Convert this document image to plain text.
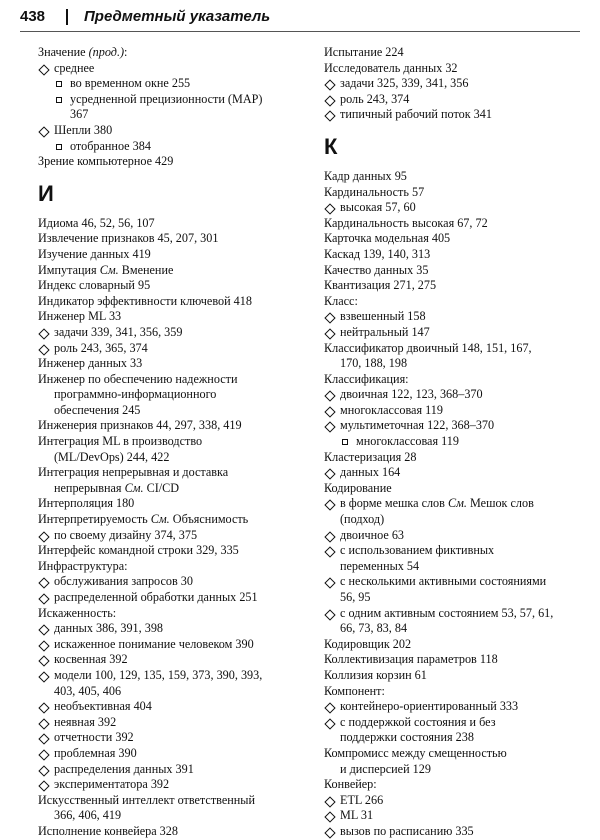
438	Предметный указатель
Значение (прод.):
среднее
во временном окне 255
усредненной прецизионности (MAP)
367
Шепли 380
отобранное 384
Зрение компьютерное 429
И
Идиома 46, 52, 56, 107
Извлечение признаков 45, 207, 301
Изучение данных 419
Импутация См. Вменение
Индекс словарный 95
Индикатор эффективности ключевой 418
Инженер ML 33
задачи 339, 341, 356, 359
роль 243, 365, 374
Инженер данных 33
Инженер по обеспечению надежности
программно-информационного
обеспечения 245
Инженерия признаков 44, 297, 338, 419
Интеграция ML в производство
(ML/DevOps) 244, 422
Интеграция непрерывная и доставка
непрерывная См. CI/CD
Интерполяция 180
Интерпретируемость См. Объяснимость
по своему дизайну 374, 375
Интерфейс командной строки 329, 335
Инфраструктура:
обслуживания запросов 30
распределенной обработки данных 251
Искаженность:
данных 386, 391, 398
искаженное понимание человеком 390
косвенная 392
модели 100, 129, 135, 159, 373, 390, 393,
403, 405, 406
необъективная 404
неявная 392
отчетности 392
проблемная 390
распределения данных 391
экспериментатора 392
Искусственный интеллект ответственный
366, 406, 419
Исполнение конвейера 328
Испытание 224
Исследователь данных 32
задачи 325, 339, 341, 356
роль 243, 374
типичный рабочий поток 341
К
Кадр данных 95
Кардинальность 57
высокая 57, 60
Кардинальность высокая 67, 72
Карточка модельная 405
Каскад 139, 140, 313
Качество данных 35
Квантизация 271, 275
Класс:
взвешенный 158
нейтральный 147
Классификатор двоичный 148, 151, 167,
170, 188, 198
Классификация:
двоичная 122, 123, 368–370
многоклассовая 119
мультиметочная 122, 368–370
многоклассовая 119
Кластеризация 28
данных 164
Кодирование
в форме мешка слов См. Мешок слов
(подход)
двоичное 63
с использованием фиктивных
переменных 54
с несколькими активными состояниями
56, 95
с одним активным состоянием 53, 57, 61,
66, 73, 83, 84
Кодировщик 202
Коллективизация параметров 118
Коллизия корзин 61
Компонент:
контейнеро-ориентированный 333
с поддержкой состояния и без
поддержки состояния 238
Компромисс между смещенностью
и дисперсией 129
Конвейер:
ETL 266
ML 31
вызов по расписанию 335
